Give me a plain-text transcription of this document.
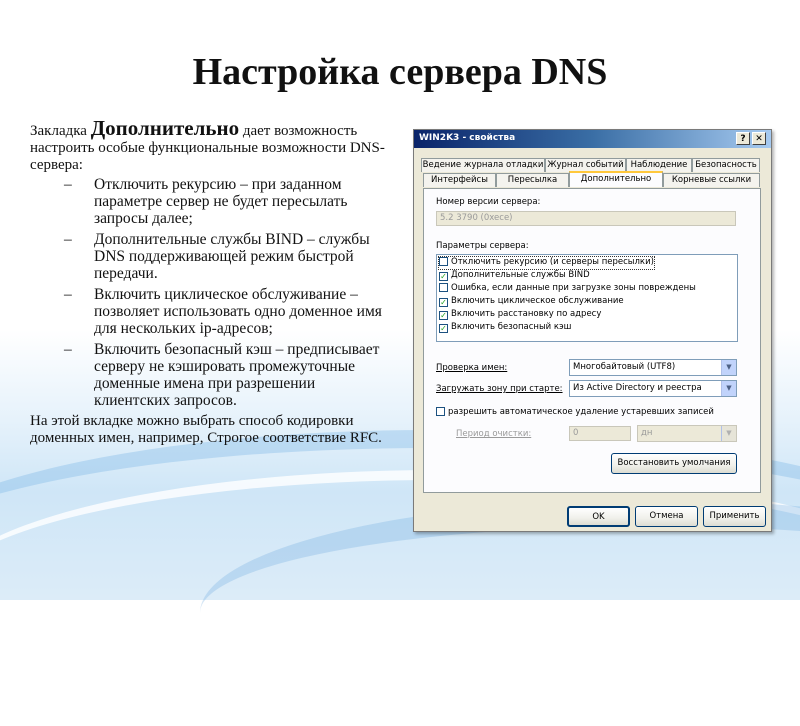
Настройка сервера DNS

Закладка Дополнительно дает возможность настроить особые функциональные возможности DNS-сервера:

– Отключить рекурсию – при заданном параметре сервер не будет пересылать запросы далее;
– Дополнительные службы BIND – службы DNS поддерживающей режим быстрой передачи.
– Включить циклическое обслуживание – позволяет использовать одно доменное имя для нескольких ip-адресов;
– Включить безопасный кэш – предписывает серверу не кэшировать промежуточные доменные имена при разрешении клиентских запросов.

На этой вкладке можно выбрать способ кодировки доменных имен, например, Строгое соответствие RFC.

WIN2K3 - свойства	?	✕
Ведение журнала отладки Журнал событий Наблюдение Безопасность
Интерфейсы	Пересылка	Дополнительно	Корневые ссылки
Номер версии сервера:
5.2 3790 (0xece)
Параметры сервера:
Отключить рекурсию (и серверы пересылки)
✓ Дополнительные службы BIND
Ошибка, если данные при загрузке зоны повреждены
✓ Включить циклическое обслуживание
✓ Включить расстановку по адресу
✓ Включить безопасный кэш
Проверка имен:	Многобайтовый (UTF8)	▼
Загружать зону при старте:	Из Active Directory и реестра	▼
разрешить автоматическое удаление устаревших записей
Период очистки:	0	дн	▼
Восстановить умолчания
OK	Отмена	Применить
